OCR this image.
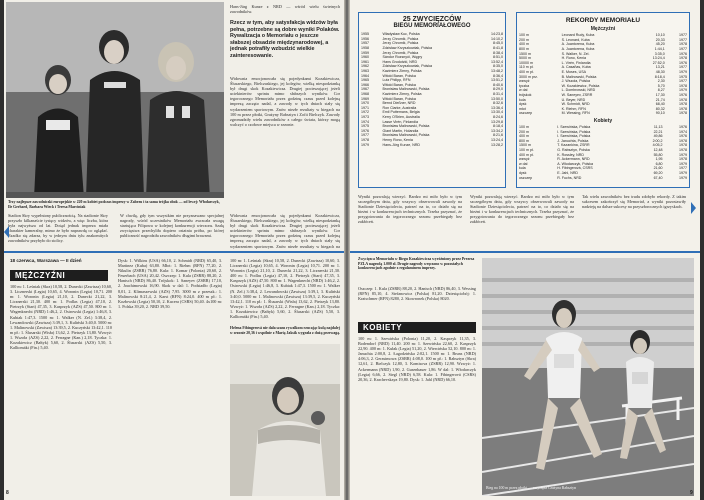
Trzy najlepsze zawodniczki europejskie w 220 m kobiet podczas imprezy w Zabrzu i ta sama trójka obok — od lewej: Włodarczyk, Ile Gerhard, Barbara Wieck i Teresa Marciniak
Hans-Jürg Kunze z NRD — wśród wielu świetnych zawodników.
Rzecz w tym, aby satysfakcja widzów była pełna, potrzebne są dobre wyniki Polaków. Rywalizacja o Memoriału o jeszcze słabszej obsadzie międzynarodowej, a jednak potrafiły wzbudzić wielkie zainteresowanie.
Widownia emocjonowała się pojedynkami Kozakiewicza, Ślusarskiego, Bielczaskiego, jej kolegów, wielką niespodzianką był drugi skok Kozakiewicza. Drugiej pocieszającej jeżeli uciekinierów sprintu mimo słabszych wyników. Cor tegorocznego Memoriału przez godzinę czasu przed kolejną imprezą zaczęto nadal, a zawody w tych dniach stały się wydarzeniem sportowym. Znów niezłe rezultaty w biegach na 100 m przez płotki, Grażyny Rabsztyn i Zofii Bielczyk. Zawody zgromadziły wielu zawodników z całego świata, którzy mogą walczyć o czołowe miejsca w sezonie.
Stadion Skry wypełniony publicznością. Na stadionie Skry przyszło kilkanaście tysięcy widzów, a więc liczba, która była najwyższa od lat. Dotąd jednak impreza miała charakter kameralny, mimo że było naprawdę co oglądać. Rzadko się zdarza, by w jednym dniu tylu znakomitych zawodników przybyło do stolicy.
W chwilę, gdy tym wszystkim nie przyznawano specjalnej nagrody, wśród uczestników Memoriału zwracała uwagę startująca Filipowa w kolejnej konkurencji wieczoru. Szalę zwycięstwa przechyliła dopiero ostatnia próba, po której publiczność nagrodziła zawodników długimi brawami.
Widownia emocjonowała się pojedynkami Kozakiewicza, Ślusarskiego, Bielczaskiego, jej kolegów, wielką niespodzianką był drugi skok Kozakiewicza. Drugiej pocieszającej jeżeli uciekinierów sprintu mimo słabszych wyników. Cor tegorocznego Memoriału przez godzinę czasu przed kolejną imprezą zaczęto nadal, a zawody w tych dniach stały się wydarzeniem sportowym. Znów niezłe rezultaty w biegach na
18 czerwca, Warszawa — II dzień
MĘŻCZYŹNI
100 m: 1. Leśniak (Skra) 10,58, 2. Dunecki (Zawisza) 10,60, 3. Licznerski (Legia) 10,65, 4. Woronin (Legia) 10,71. 200 m: 1. Woronin (Legia) 21,10, 2. Dunecki 21,22, 3. Licznerski 21,30. 400 m: 1. Podlas (Legia) 47,10, 2. Pietrzyk (Start) 47,35, 3. Kasprzyk (AZS) 47,50. 800 m: 1. Wagenknecht (NRD) 1:46,2, 2. Ostrowski (Legia) 1:46,8, 3. Kubiak 1:47,3. 1500 m: 1. Walker (N. Zel.) 3:38,4, 2. Lewandowski (Zawisza) 3:39,1, 3. Kuliński 3:40,0. 5000 m: 1. Malinowski (Zawisza) 13:39,5, 2. Kuczyński 13:42,1. 110 m pł.: 1. Ślusarski (Wisła) 13,62, 2. Pietrzyk 13,80. Wzwyż: 1. Wszoła (AZS) 2,22, 2. Ferragne (Kan.) 2,18. Tyczka: 1. Kozakiewicz (Bałtyk) 5,60, 2. Ślusarski (AZS) 5,50, 3. Kalliomäki (Fin.) 5,40.
Dysk: 1. Wilkins (USA) 66,10, 2. Schmidt (NRD) 65,40, 3. Martinez (Kuba) 63,80. Młot: 1. Riehm (RFN) 77,20, 2. Nikulin (ZSRR) 76,80. Kula: 1. Komar (Polonia) 20,60, 2. Feuerbach (USA) 20,42. Oszczep: 1. Kula (ZSRR) 88,20, 2. Hanisch (NRD) 86,40. Trójskok: 1. Saneyev (ZSRR) 17,10, 2. Joachimowski 16,90. Skok w dal: 1. Podsiadło (Legia) 8,01, 2. Klimaszewski (AZS) 7,95. 3000 m z przeszk.: 1. Malinowski 8:21,4, 2. Karst (RFN) 8:24,0. 400 m pł.: 1. Kozłowski (Legia) 50,10, 2. Kucera (CSRS) 50,40. 4x100 m: 1. Polska 39,20, 2. NRD 39,50.
100 m: 1. Leśniak (Skra) 10,58, 2. Dunecki (Zawisza) 10,60, 3. Licznerski (Legia) 10,65, 4. Woronin (Legia) 10,71. 200 m: 1. Woronin (Legia) 21,10, 2. Dunecki 21,22, 3. Licznerski 21,30. 400 m: 1. Podlas (Legia) 47,10, 2. Pietrzyk (Start) 47,35, 3. Kasprzyk (AZS) 47,50. 800 m: 1. Wagenknecht (NRD) 1:46,2, 2. Ostrowski (Legia) 1:46,8, 3. Kubiak 1:47,3. 1500 m: 1. Walker (N. Zel.) 3:38,4, 2. Lewandowski (Zawisza) 3:39,1, 3. Kuliński 3:40,0. 5000 m: 1. Malinowski (Zawisza) 13:39,5, 2. Kuczyński 13:42,1. 110 m pł.: 1. Ślusarski (Wisła) 13,62, 2. Pietrzyk 13,80. Wzwyż: 1. Wszoła (AZS) 2,22, 2. Ferragne (Kan.) 2,18. Tyczka: 1. Kozakiewicz (Bałtyk) 5,60, 2. Ślusarski (AZS) 5,50, 3. Kalliomäki (Fin.) 5,40.
Helena Fibingerová nie dała szans rywalkom rzucając kulą najdalej w sezonie 20,36 i wspólnie z Marią Jaksik wygrała z dużą przewagą.
8
25 ZWYCIĘZCÓW
BIEGU MEMORIAŁOWEGO
1955	Władysław Kuc, Polska	14:23,8
1956	Jerzy Chromik, Polska	14:10,2
1957	Jerzy Chromik, Polska	8:45,0
1958	Zdzisław Krzyszkowiak, Polska	8:41,8
1959	Jerzy Chromik, Polska	8:38,4
1960	Sándor Rozsnyói, Węgry	8:51,0
1961	Hans Grodotzki, NRD	13:52,4
1962	Zdzisław Krzyszkowiak, Polska	8:35,0
1963	Kazimierz Zimny, Polska	13:48,2
1964	Witold Baran, Polska	8:36,4
1965	Lutz Philipp, RFN	13:51,2
1966	Witold Baran, Polska	8:40,6
1967	Bronisław Malinowski, Polska	8:29,0
1968	Kazimierz Zimny, Polska	8:31,4
1969	Witold Baran, Polska	13:50,0
1970	Bernd Dießner, NRD	8:32,6
1971	Ron Clarke, Australia	13:36,4
1972	Emil Puttemans, Belgia	13:30,4
1973	Kerry O'Brien, Australia	8:24,6
1974	Lasse Virén, Finlandia	13:29,8
1975	Bronisław Malinowski, Polska	8:18,4
1976	Giant Martin, Holandia	13:34,2
1977	Bronisław Malinowski, Polska	8:21,6
1978	Henry Rono, Kenia	13:24,4
1979	Hans-Jörg Kunze, NRD	13:28,2
REKORDY MEMORIAŁU
Mężczyźni
100 m	Leonard Rudy, Kuba	10,10	1977
200 m	S. Leonard, Kuba	20,33	1977
400 m	A. Juantorena, Kuba	45,20	1978
800 m	A. Juantorena, Kuba	1:44,1	1977
1500 m	S. Walker, N. Zel.	3:35,0	1976
5000 m	H. Rono, Kenia	13:24,4	1978
10000 m	L. Virén, Finlandia	27:52,0	1976
110 m pł.	A. Casañas, Kuba	13,21	1977
400 m pł.	E. Moses, USA	48,30	1979
3000 m prz.	B. Malinowski, Polska	8:18,4	1975
wzwyż	J. Wszoła, Polska	2,30	1977
tyczka	W. Kozakiewicz, Polska	5,70	1978
w dal	L. Dombrowski, NRD	8,27	1979
trójskok	W. Saneyev, ZSRR	17,30	1976
kula	U. Beyer, NRD	21,74	1978
dysk	W. Schmidt, NRD	68,40	1978
młot	K. Riehm, RFN	80,32	1978
oszczep	M. Wessing, RFN	90,10	1978
Kobiety
100 m	I. Szewińska, Polska	11,13	1976
200 m	I. Szewińska, Polska	22,21	1974
400 m	I. Szewińska, Polska	49,86	1976
800 m	J. Januchta, Polska	2:00,2	1978
1500 m	T. Kazankina, ZSRR	4:05,2	1978
100 m pł.	G. Rabsztyn, Polska	12,48	1978
400 m pł.	K. Rossley, NRD	55,80	1979
wzwyż	R. Ackermann, NRD	1,95	1978
w dal	A. Włodarczyk, Polska	6,80	1979
kula	H. Fibingerová, CSRS	21,60	1977
dysk	E. Jahl, NRD	69,20	1979
oszczep	R. Fuchs, NRD	67,40	1979
Wyniki pozwalają wierzyć. Bardzo mi miło było w tym szczególnym dniu, gdy wszyscy obserwowali zawody na Stadionie Dziesięciolecia, patrzeć na to, co działo się na bieżni i w konkurencjach technicznych. Trzeba przyznać, że przygotowania do tegorocznego sezonu przebiegały bez zakłóceń.
Wyniki pozwalają wierzyć. Bardzo mi miło było w tym szczególnym dniu, gdy wszyscy obserwowali zawody na Stadionie Dziesięciolecia, patrzeć na to, co działo się na bieżni i w konkurencjach technicznych. Trzeba przyznać, że przygotowania do tegorocznego sezonu przebiegały bez zakłóceń.
Tak wielu zawodników bez trudu zdobyło rekordy. Z takim sukcesem zakończył się Memoriał, a wyniki pozostawiły nadzieję na dalsze sukcesy na przyszłorocznych igrzyskach.
Zwycięzca Memoriału w Biegu Kozakiewicza wyróżniony przez Prezesa PZLA nagrodą 1.000 zł. Drugie nagrody wręczono w pozostałych konkurencjach zgodnie z regulaminem imprezy.
Oszczep: 1. Kula (ZSRR) 88,20, 2. Hanisch (NRD) 86,40, 3. Wessing (RFN) 85,10, 4. Stefanowicz (Polska) 81,20. Dziesięciobój: 1. Kratschmer (RFN) 8280, 2. Skowronek (Polska) 8020.
KOBIETY
100 m: 1. Szewińska (Polonia) 11,20, 2. Kasprzyk 11,35, 3. Bodendorf (NRD) 11,40. 200 m: 1. Szewińska 22,60, 2. Kasprzyk 22,90. 400 m: 1. Kułak (Legia) 51,20, 2. Wiercińska 52,10. 800 m: 1. Januchta 2:00,8, 2. Łagodzińska 2:02,1. 1500 m: 1. Bruns (NRD) 4:06,3, 2. Gerasimowa (ZSRR) 4:08,0. 100 m pł.: 1. Rabsztyn (Skra) 12,61, 2. Bielczyk 12,80, 3. Komisova (ZSRR) 12,90. Wzwyż: 1. Ackermann (NRD) 1,90, 2. Gusenbauer 1,86. W dal: 1. Włodarczyk (Legia) 6,66, 2. Siegl (NRD) 6,58. Kula: 1. Fibingerová (CSRS) 20,36, 2. Krachevskaya 19,80. Dysk: 1. Jahl (NRD) 66,10.
Bieg na 100 m przez płotki — zwycięża Grażyna Rabsztyn
9
